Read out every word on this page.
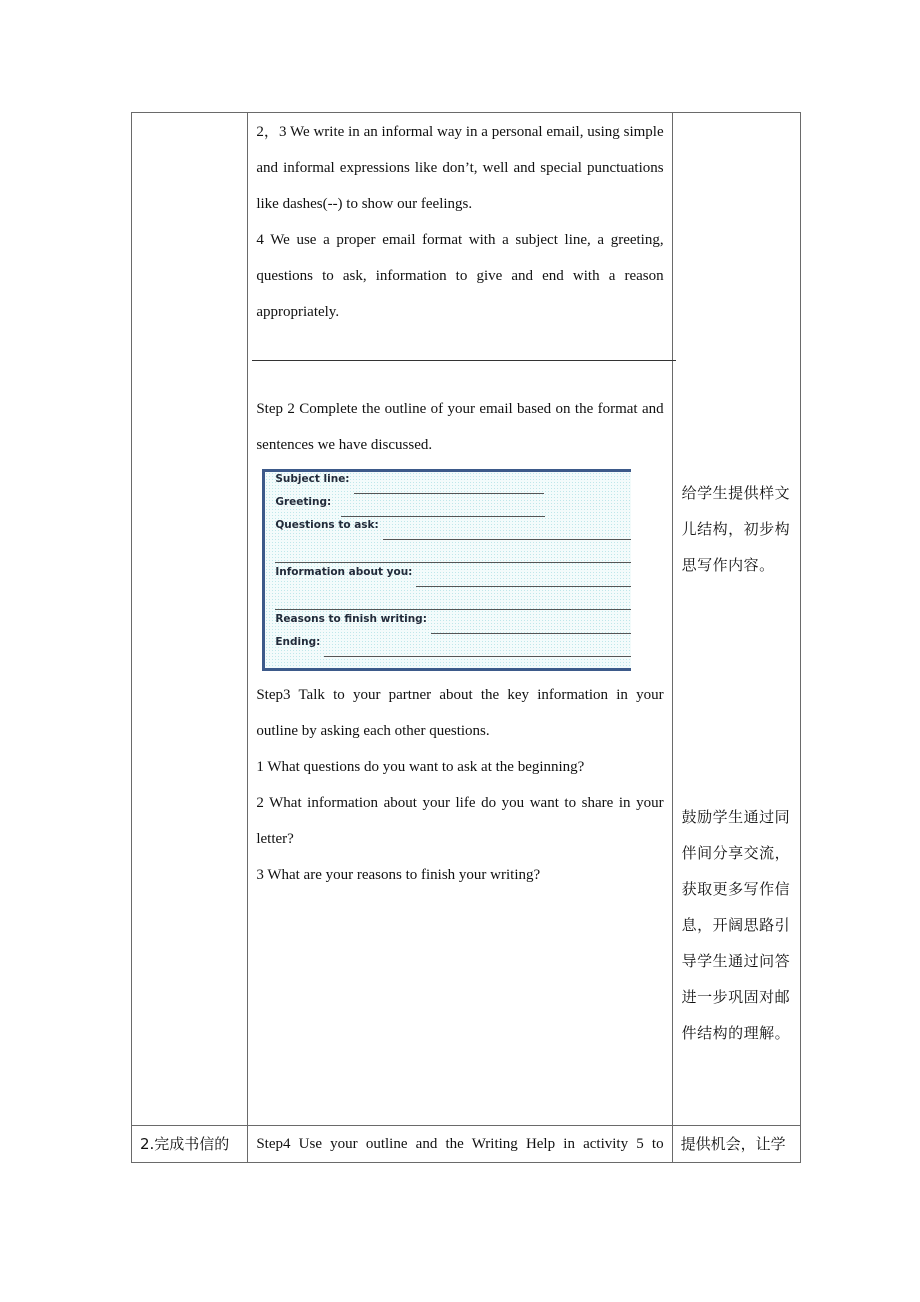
2，3 We write in an informal way in a personal email, using simple and informal expressions like don’t, well and special punctuations like dashes(--) to show our feelings.

4 We use a proper email format with a subject line, a greeting, questions to ask, information to give and end with a reason appropriately.

Step 2 Complete the outline of your email based on the format and sentences we have discussed.

Subject line:
Greeting:
Questions to ask:
Information about you:
Reasons to finish writing:
Ending:

Step3 Talk to your partner about the key information in your outline by asking each other questions.

1 What questions do you want to ask at the beginning?

2 What information about your life do you want to share in your letter?

3 What are your reasons to finish your writing?

给学生提供样文儿结构，初步构思写作内容。
鼓励学生通过同伴间分享交流，获取更多写作信息，开阔思路引导学生通过问答进一步巩固对邮件结构的理解。

2.完成书信的	Step4 Use your outline and the Writing Help in activity 5 to	提供机会，让学
